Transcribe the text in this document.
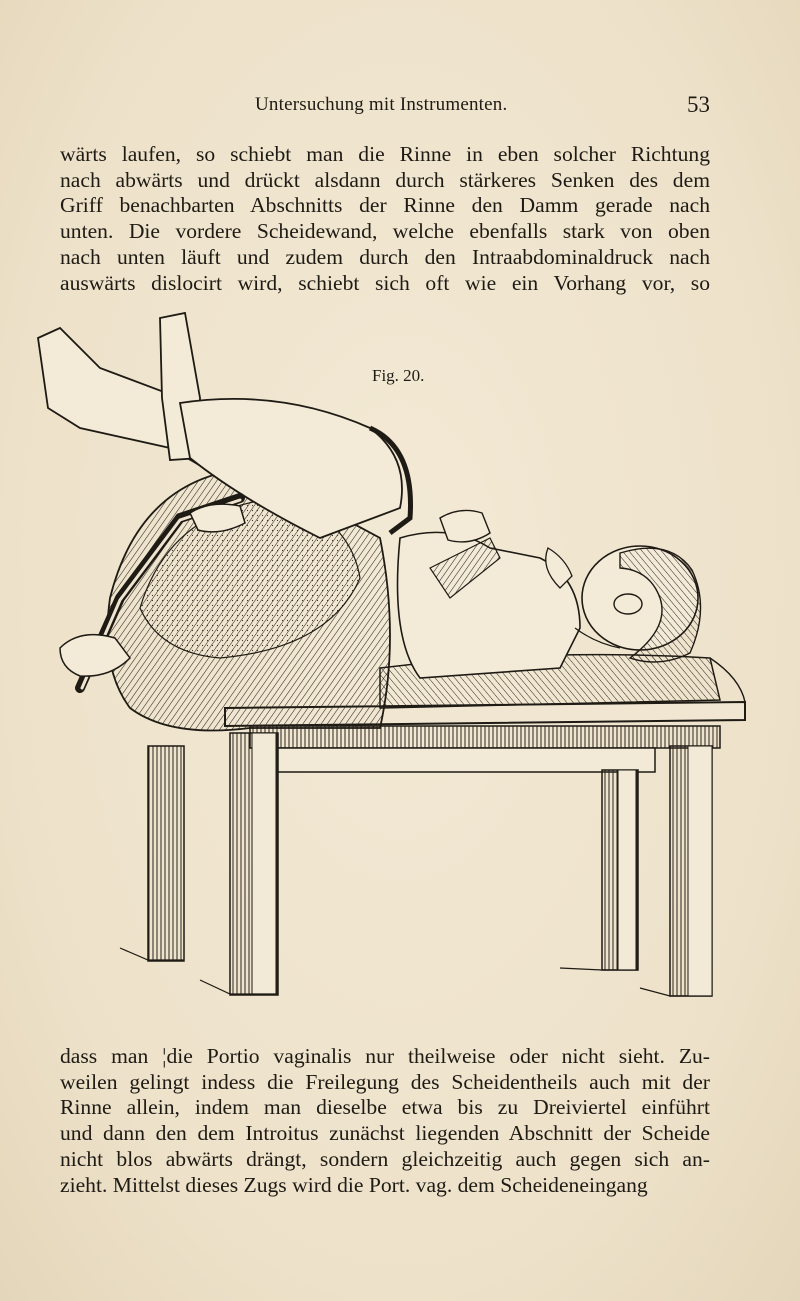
Untersuchung mit Instrumenten.	53
wärts laufen, so schiebt man die Rinne in eben solcher Richtung
nach abwärts und drückt alsdann durch stärkeres Senken des dem
Griff benachbarten Abschnitts der Rinne den Damm gerade nach
unten. Die vordere Scheidewand, welche ebenfalls stark von oben
nach unten läuft und zudem durch den Intraabdominaldruck nach
auswärts dislocirt wird, schiebt sich oft wie ein Vorhang vor, so
Fig. 20.
dass man ¦die Portio vaginalis nur theilweise oder nicht sieht. Zu-
weilen gelingt indess die Freilegung des Scheidentheils auch mit der
Rinne allein, indem man dieselbe etwa bis zu Dreiviertel einführt
und dann den dem Introitus zunächst liegenden Abschnitt der Scheide
nicht blos abwärts drängt, sondern gleichzeitig auch gegen sich an-
zieht. Mittelst dieses Zugs wird die Port. vag. dem Scheideneingang
